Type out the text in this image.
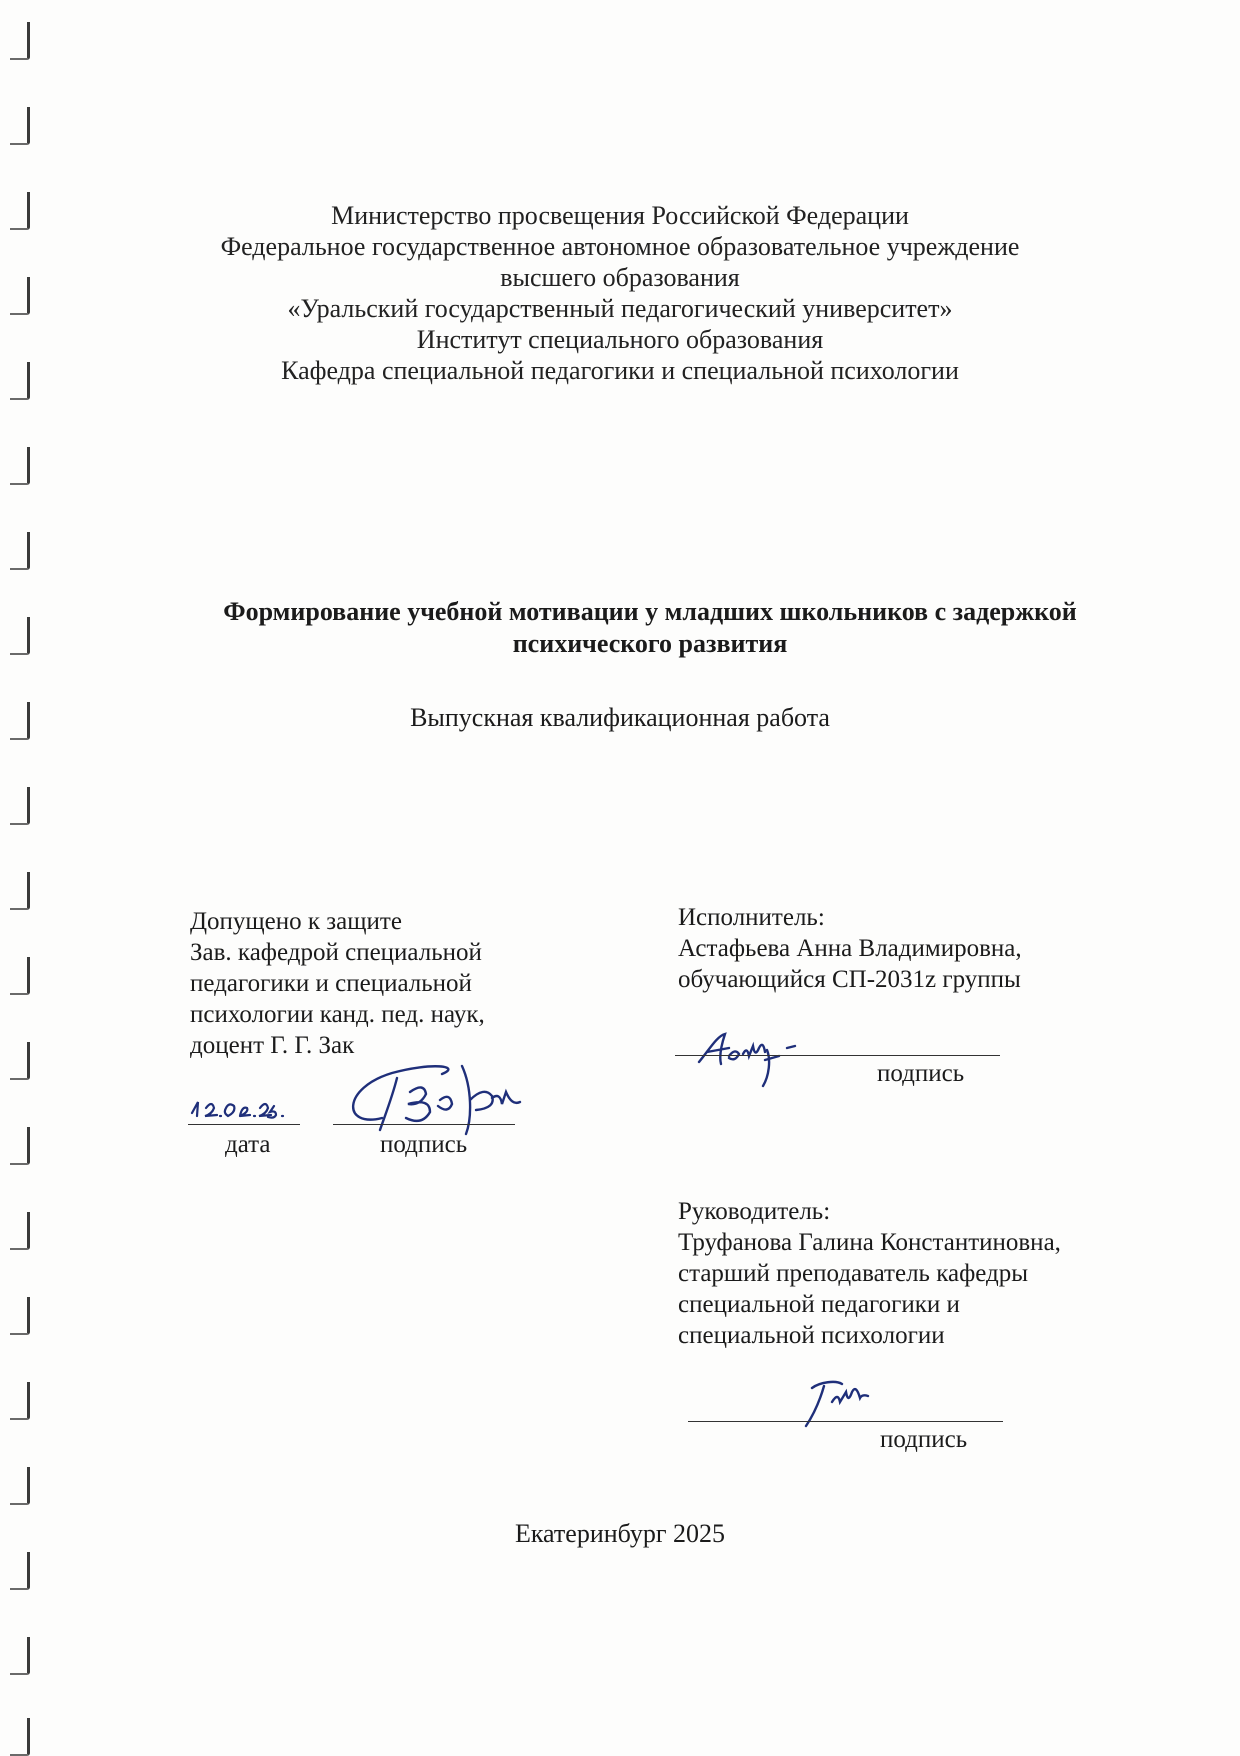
Министерство просвещения Российской Федерации
Федеральное государственное автономное образовательное учреждение
высшего образования
«Уральский государственный педагогический университет»
Институт специального образования
Кафедра специальной педагогики и специальной психологии
Формирование учебной мотивации у младших школьников с задержкой
психического развития
Выпускная квалификационная работа
Допущено к защите
Зав. кафедрой специальной
педагогики и специальной
психологии канд. пед. наук,
доцент Г. Г. Зак
дата	подпись
Исполнитель:
Астафьева Анна Владимировна,
обучающийся СП-2031z группы
подпись
Руководитель:
Труфанова Галина Константиновна,
старший преподаватель кафедры
специальной педагогики и
специальной психологии
подпись
Екатеринбург 2025
